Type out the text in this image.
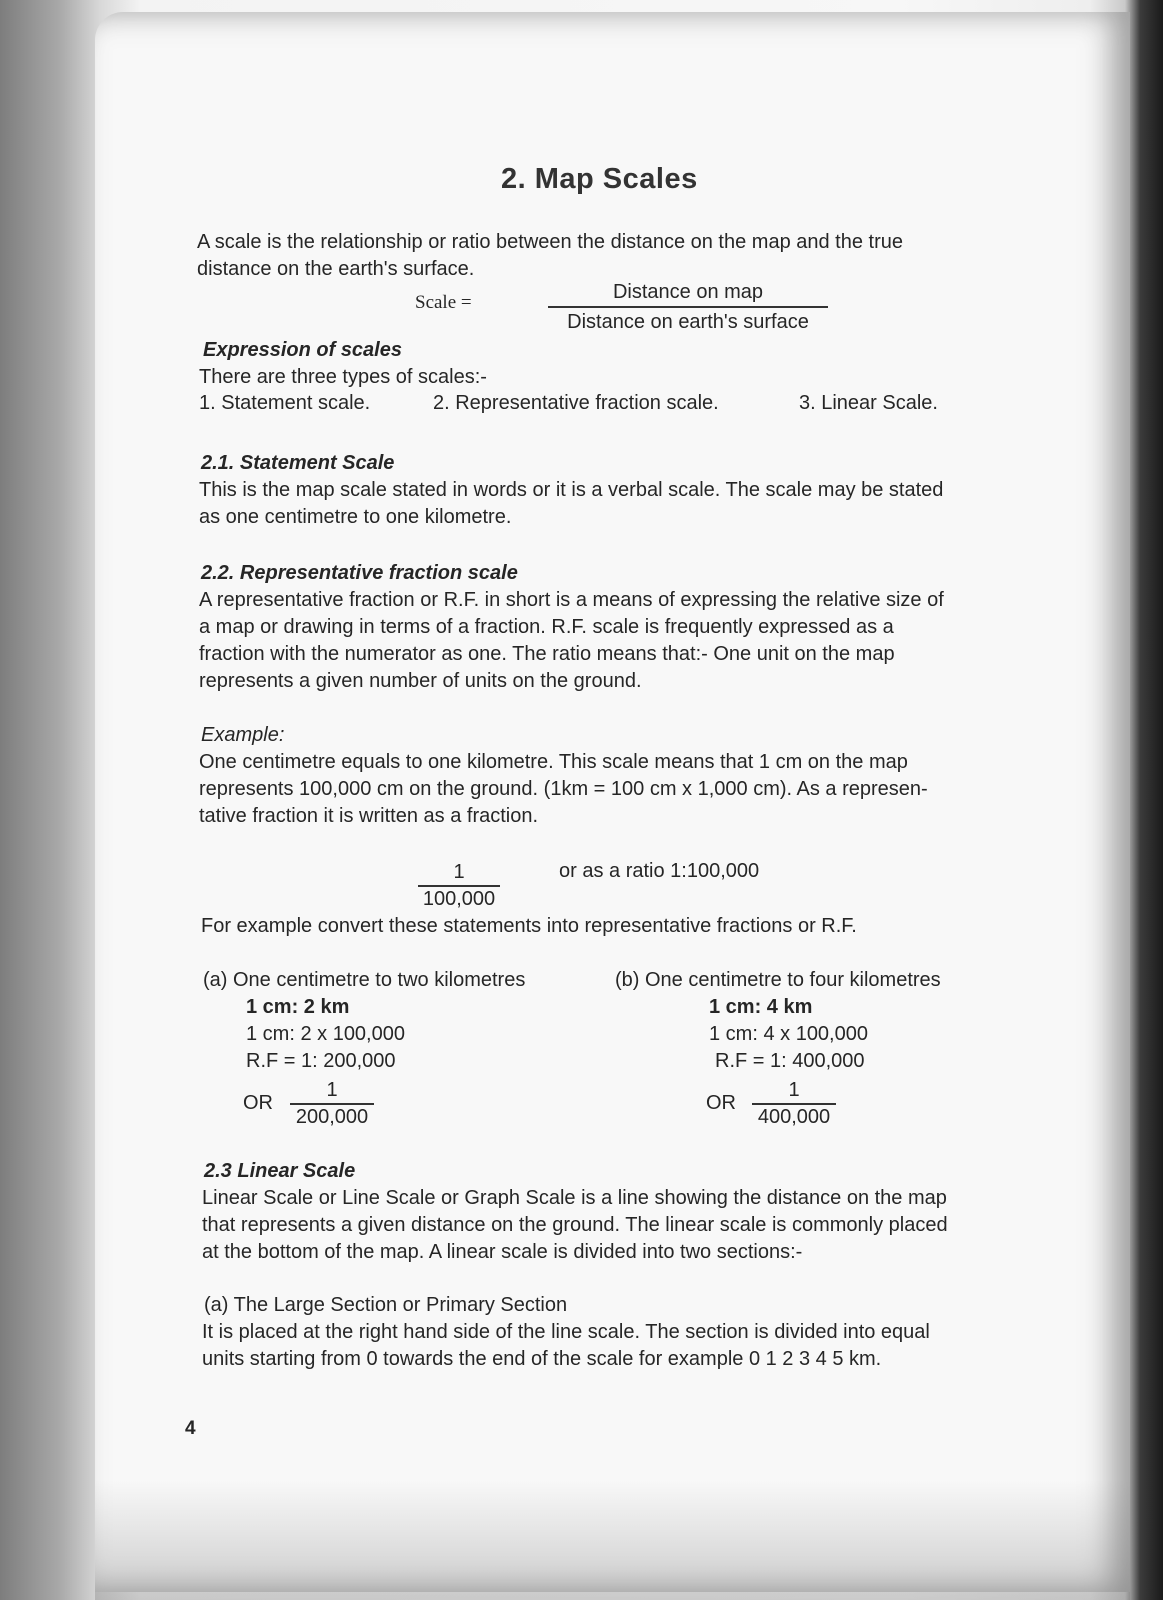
2. Map Scales
A scale is the relationship or ratio between the distance on the map and the true
distance on the earth's surface.
Scale =	Distance on map
Distance on earth's surface
Expression of scales
There are three types of scales:-
1. Statement scale.	2. Representative fraction scale.	3. Linear Scale.
2.1. Statement Scale
This is the map scale stated in words or it is a verbal scale. The scale may be stated
as one centimetre to one kilometre.
2.2. Representative fraction scale
A representative fraction or R.F. in short is a means of expressing the relative size of
a map or drawing in terms of a fraction. R.F. scale is frequently expressed as a
fraction with the numerator as one. The ratio means that:- One unit on the map
represents a given number of units on the ground.
Example:
One centimetre equals to one kilometre. This scale means that 1 cm on the map
represents 100,000 cm on the ground. (1km = 100 cm x 1,000 cm). As a represen-
tative fraction it is written as a fraction.
1
100,000
or as a ratio 1:100,000
For example convert these statements into representative fractions or R.F.
(a) One centimetre to two kilometres
1 cm: 2 km
1 cm: 2 x 100,000
R.F = 1: 200,000
OR
1
200,000
(b) One centimetre to four kilometres
1 cm: 4 km
1 cm: 4 x 100,000
R.F = 1: 400,000
OR
1
400,000
2.3 Linear Scale
Linear Scale or Line Scale or Graph Scale is a line showing the distance on the map
that represents a given distance on the ground. The linear scale is commonly placed
at the bottom of the map. A linear scale is divided into two sections:-
(a) The Large Section or Primary Section
It is placed at the right hand side of the line scale. The section is divided into equal
units starting from 0 towards the end of the scale for example 0 1 2 3 4 5 km.
4
